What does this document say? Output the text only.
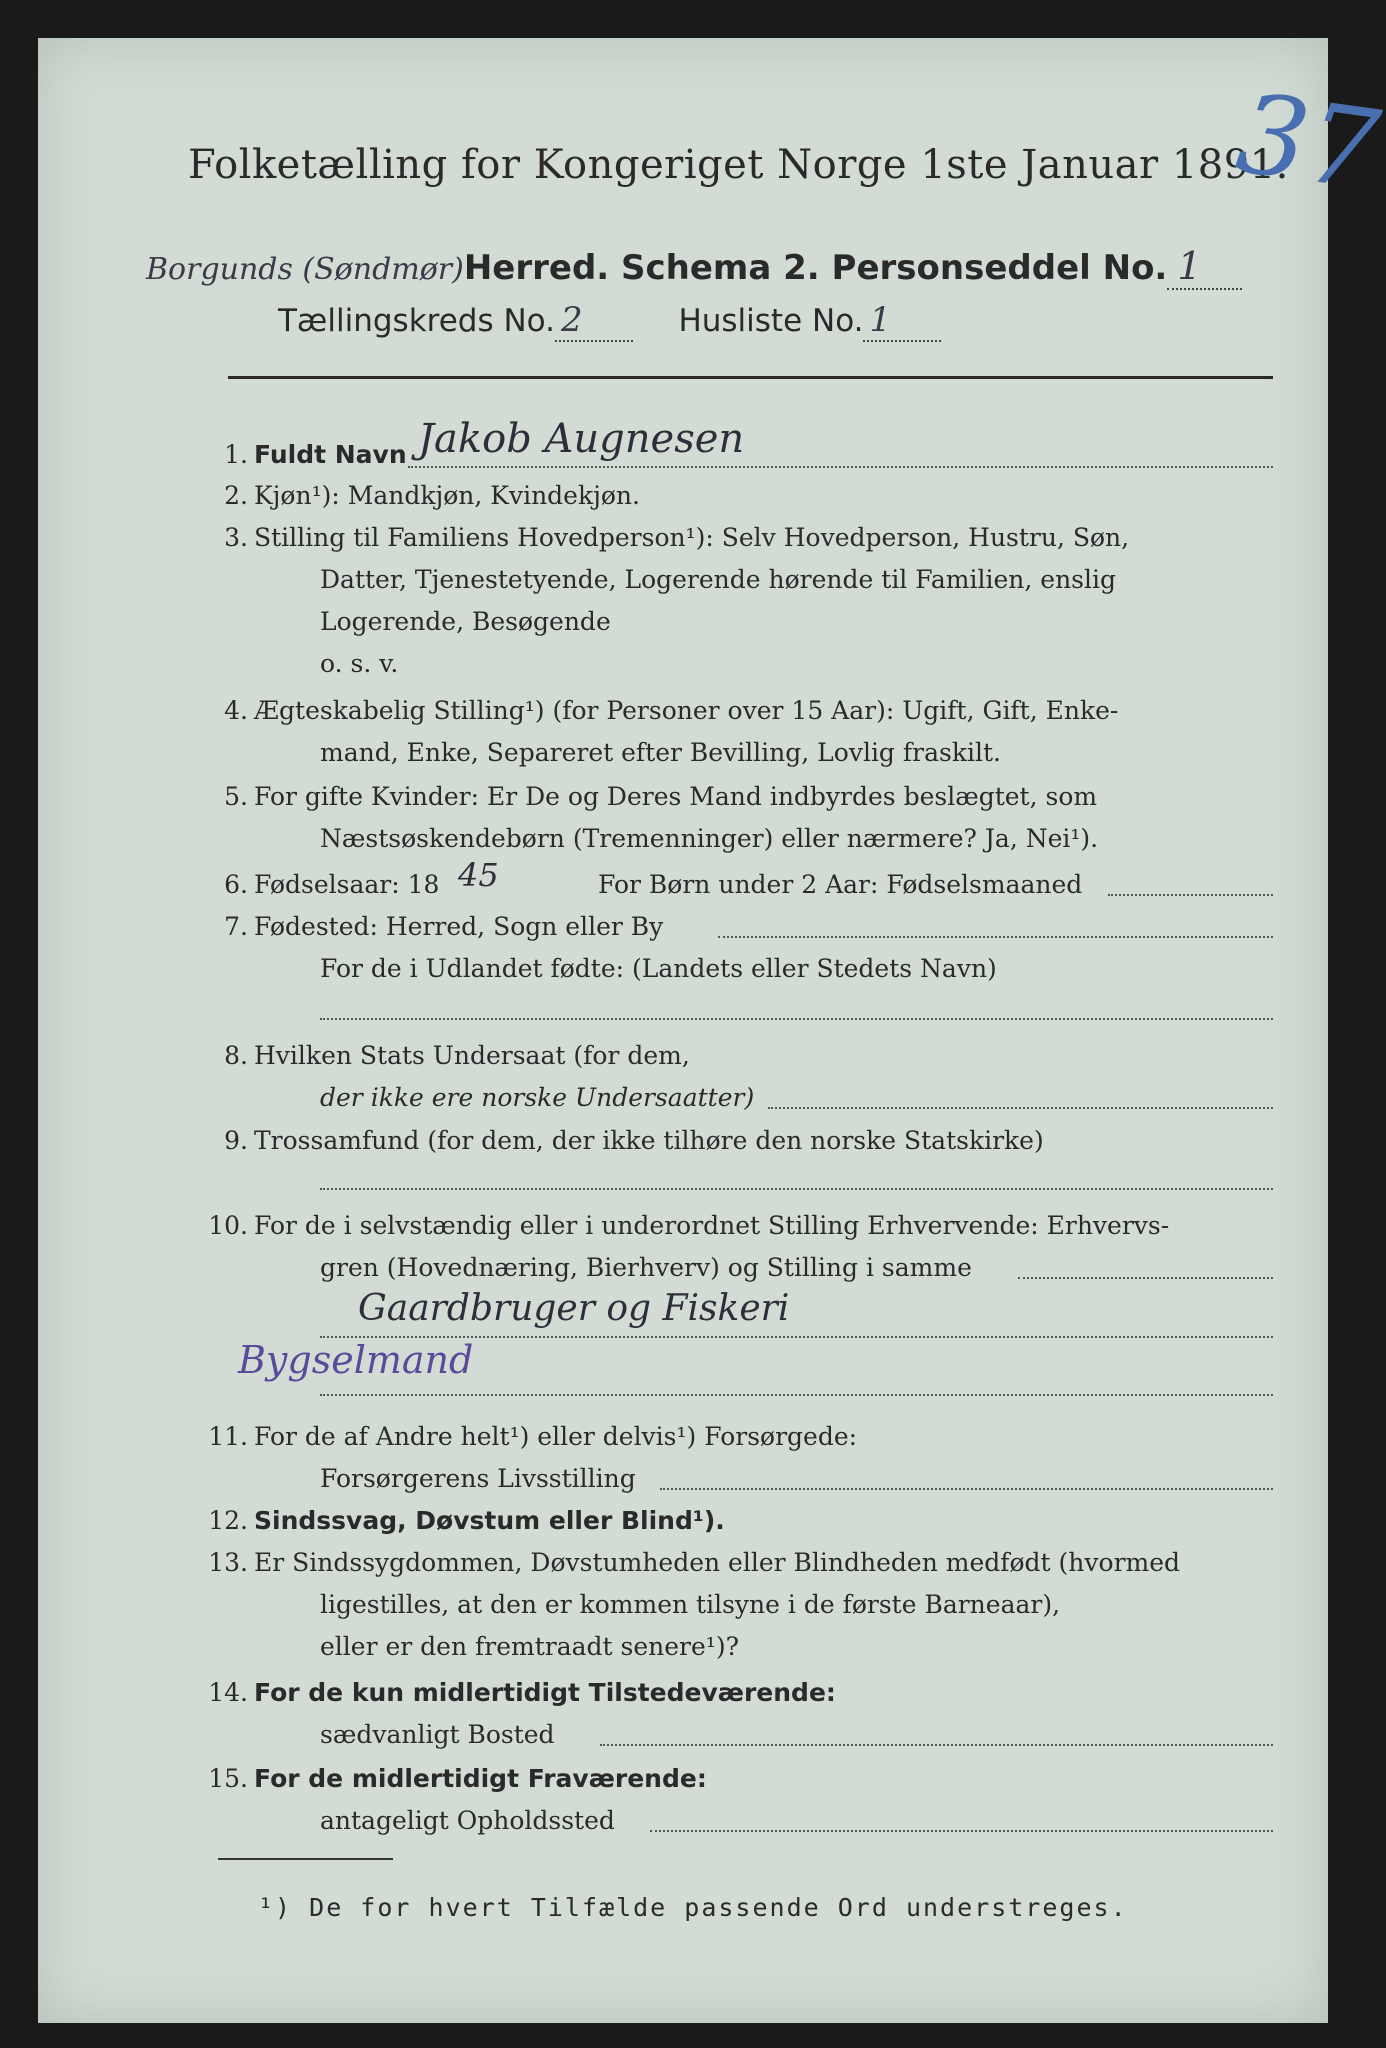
Folketælling for Kongeriget Norge 1ste Januar 1891.
37
Borgunds (Søndmør)Herred. Schema 2. Personseddel No. 1
Tællingskreds No. 2	Husliste No. 1
1. Fuldt Navn Jakob Augnesen
2. Kjøn¹): Mandkjøn, Kvindekjøn.
3. Stilling til Familiens Hovedperson¹): Selv Hovedperson, Hustru, Søn,
Datter, Tjenestetyende, Logerende hørende til Familien, enslig
Logerende, Besøgende
o. s. v.
4. Ægteskabelig Stilling¹) (for Personer over 15 Aar): Ugift, Gift, Enke-
mand, Enke, Separeret efter Bevilling, Lovlig fraskilt.
5. For gifte Kvinder: Er De og Deres Mand indbyrdes beslægtet, som
Næstsøskendebørn (Tremenninger) eller nærmere? Ja, Nei¹).
6. Fødselsaar: 18 45	For Børn under 2 Aar: Fødselsmaaned
7. Fødested: Herred, Sogn eller By
For de i Udlandet fødte: (Landets eller Stedets Navn)
8. Hvilken Stats Undersaat (for dem,
der ikke ere norske Undersaatter)
9. Trossamfund (for dem, der ikke tilhøre den norske Statskirke)
10. For de i selvstændig eller i underordnet Stilling Erhvervende: Erhvervs-
gren (Hovednæring, Bierhverv) og Stilling i samme
Gaardbruger og Fiskeri
Bygselmand
11. For de af Andre helt¹) eller delvis¹) Forsørgede:
Forsørgerens Livsstilling
12. Sindssvag, Døvstum eller Blind¹).
13. Er Sindssygdommen, Døvstumheden eller Blindheden medfødt (hvormed
ligestilles, at den er kommen tilsyne i de første Barneaar),
eller er den fremtraadt senere¹)?
14. For de kun midlertidigt Tilstedeværende:
sædvanligt Bosted
15. For de midlertidigt Fraværende:
antageligt Opholdssted
¹) De for hvert Tilfælde passende Ord understreges.
